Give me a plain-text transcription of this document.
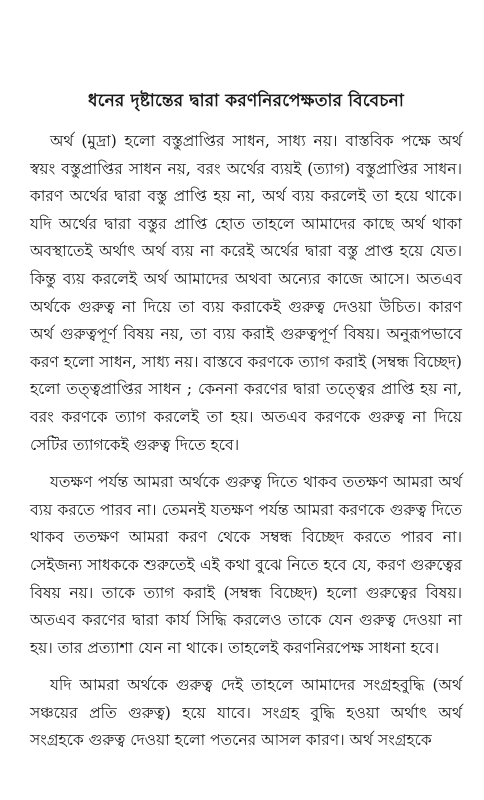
ধনের দৃষ্টান্তের দ্বারা করণনিরপেক্ষতার বিবেচনা

অর্থ (মুদ্রা) হলো বস্তুপ্রাপ্তির সাধন, সাধ্য নয়। বাস্তবিক পক্ষে অর্থ স্বয়ং বস্তুপ্রাপ্তির সাধন নয়, বরং অর্থের ব্যয়ই (ত্যাগ) বস্তুপ্রাপ্তির সাধন। কারণ অর্থের দ্বারা বস্তু প্রাপ্তি হয় না, অর্থ ব্যয় করলেই তা হয়ে থাকে। যদি অর্থের দ্বারা বস্তুর প্রাপ্তি হোত তাহলে আমাদের কাছে অর্থ থাকা অবস্থাতেই অর্থাৎ অর্থ ব্যয় না করেই অর্থের দ্বারা বস্তু প্রাপ্ত হয়ে যেত। কিন্তু ব্যয় করলেই অর্থ আমাদের অথবা অন্যের কাজে আসে। অতএব অর্থকে গুরুত্ব না দিয়ে তা ব্যয় করাকেই গুরুত্ব দেওয়া উচিত। কারণ অর্থ গুরুত্বপূর্ণ বিষয় নয়, তা ব্যয় করাই গুরুত্বপূর্ণ বিষয়। অনুরূপভাবে করণ হলো সাধন, সাধ্য নয়। বাস্তবে করণকে ত্যাগ করাই (সম্বন্ধ বিচ্ছেদ) হলো তত্ত্বপ্রাপ্তির সাধন ; কেননা করণের দ্বারা তত্ত্বের প্রাপ্তি হয় না, বরং করণকে ত্যাগ করলেই তা হয়। অতএব করণকে গুরুত্ব না দিয়ে সেটির ত্যাগকেই গুরুত্ব দিতে হবে।

যতক্ষণ পর্যন্ত আমরা অর্থকে গুরুত্ব দিতে থাকব ততক্ষণ আমরা অর্থ ব্যয় করতে পারব না। তেমনই যতক্ষণ পর্যন্ত আমরা করণকে গুরুত্ব দিতে থাকব ততক্ষণ আমরা করণ থেকে সম্বন্ধ বিচ্ছেদ করতে পারব না। সেইজন্য সাধককে শুরুতেই এই কথা বুঝে নিতে হবে যে, করণ গুরুত্বের বিষয় নয়। তাকে ত্যাগ করাই (সম্বন্ধ বিচ্ছেদ) হলো গুরুত্বের বিষয়। অতএব করণের দ্বারা কার্য সিদ্ধি করলেও তাকে যেন গুরুত্ব দেওয়া না হয়। তার প্রত্যাশা যেন না থাকে। তাহলেই করণনিরপেক্ষ সাধনা হবে।

যদি আমরা অর্থকে গুরুত্ব দেই তাহলে আমাদের সংগ্রহবুদ্ধি (অর্থ সঞ্চয়ের প্রতি গুরুত্ব) হয়ে যাবে। সংগ্রহ বুদ্ধি হওয়া অর্থাৎ অর্থ সংগ্রহকে গুরুত্ব দেওয়া হলো পতনের আসল কারণ। অর্থ সংগ্রহকে
